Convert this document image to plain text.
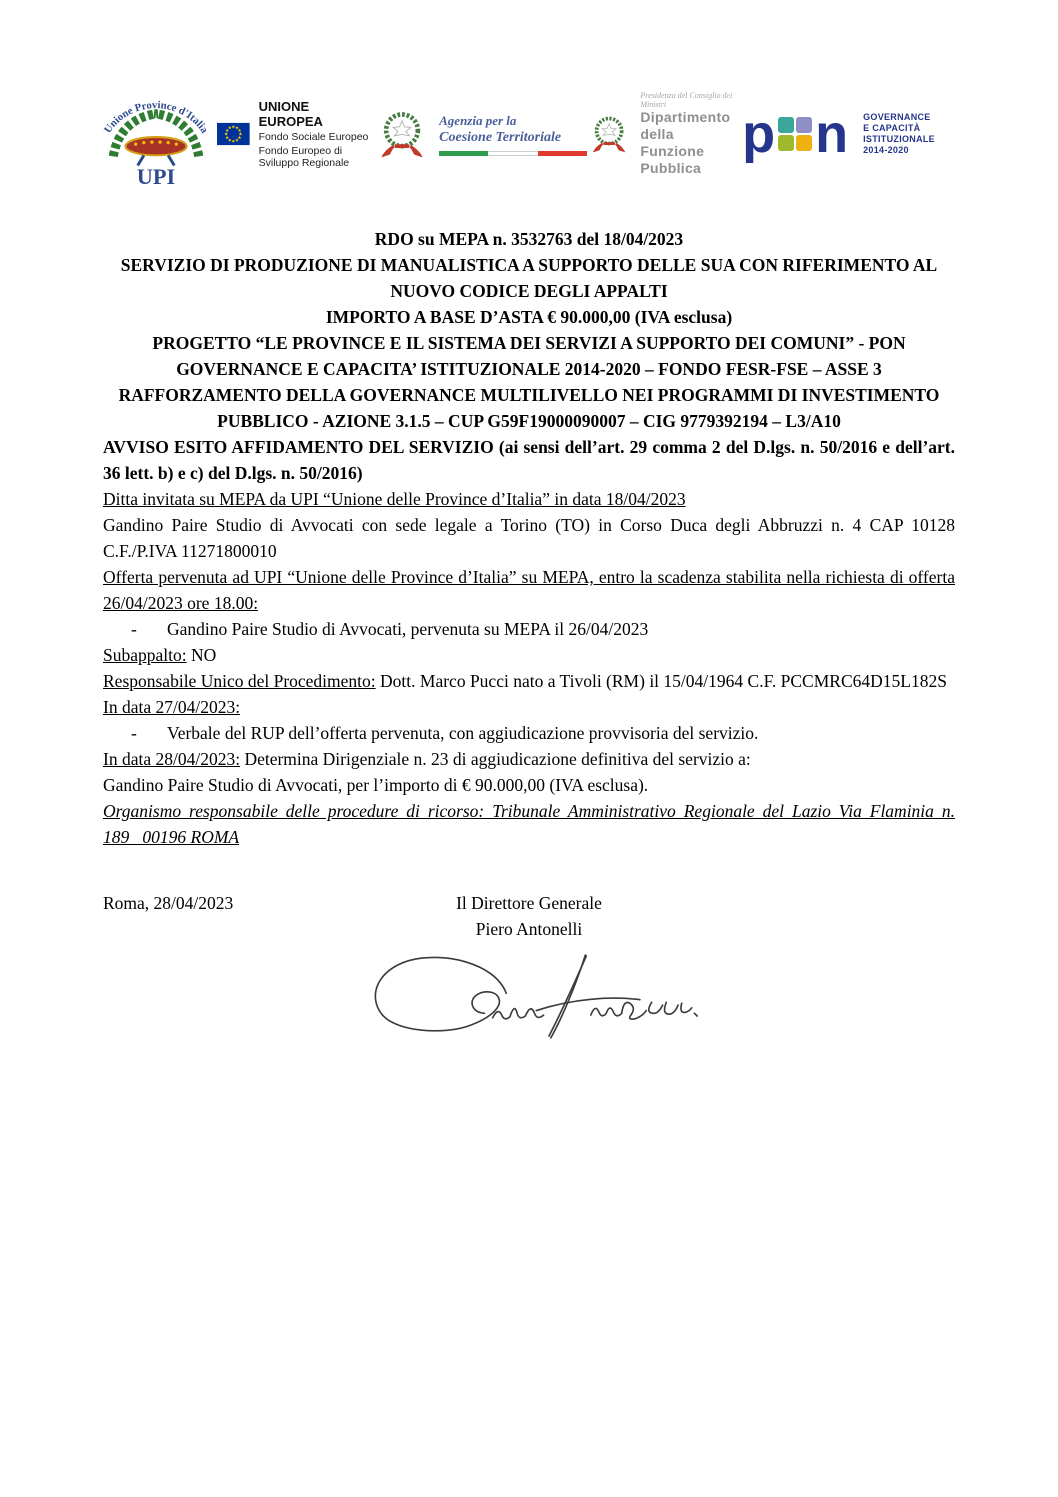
Unione Province d'Italia
UPI
UNIONE EUROPEA
Fondo Sociale Europeo
Fondo Europeo di Sviluppo Regionale
Agenzia per la
Coesione Territoriale
Presidenza del Consiglio dei Ministri
Dipartimento della
Funzione Pubblica
p n GOVERNANCE
E CAPACITÀ
ISTITUZIONALE
2014-2020

RDO su MEPA n. 3532763 del 18/04/2023

SERVIZIO DI PRODUZIONE DI MANUALISTICA A SUPPORTO DELLE SUA CON RIFERIMENTO AL NUOVO CODICE DEGLI APPALTI

IMPORTO A BASE D’ASTA € 90.000,00 (IVA esclusa)

PROGETTO “LE PROVINCE E IL SISTEMA DEI SERVIZI A SUPPORTO DEI COMUNI” - PON GOVERNANCE E CAPACITA’ ISTITUZIONALE 2014-2020 – FONDO FESR-FSE – ASSE 3 RAFFORZAMENTO DELLA GOVERNANCE MULTILIVELLO NEI PROGRAMMI DI INVESTIMENTO PUBBLICO - AZIONE 3.1.5 – CUP G59F19000090007 – CIG 9779392194 – L3/A10

AVVISO ESITO AFFIDAMENTO DEL SERVIZIO (ai sensi dell’art. 29 comma 2 del D.lgs. n. 50/2016 e dell’art. 36 lett. b) e c) del D.lgs. n. 50/2016)

Ditta invitata su MEPA da UPI “Unione delle Province d’Italia” in data 18/04/2023
Gandino Paire Studio di Avvocati con sede legale a Torino (TO) in Corso Duca degli Abbruzzi n. 4 CAP 10128 C.F./P.IVA 11271800010

Offerta pervenuta ad UPI “Unione delle Province d’Italia” su MEPA, entro la scadenza stabilita nella richiesta di offerta 26/04/2023 ore 18.00:

-	Gandino Paire Studio di Avvocati, pervenuta su MEPA il 26/04/2023

Subappalto: NO

Responsabile Unico del Procedimento: Dott. Marco Pucci nato a Tivoli (RM) il 15/04/1964 C.F. PCCMRC64D15L182S

In data 27/04/2023:

-	Verbale del RUP dell’offerta pervenuta, con aggiudicazione provvisoria del servizio.

In data 28/04/2023: Determina Dirigenziale n. 23 di aggiudicazione definitiva del servizio a:
Gandino Paire Studio di Avvocati, per l’importo di € 90.000,00 (IVA esclusa).

Organismo responsabile delle procedure di ricorso: Tribunale Amministrativo Regionale del Lazio Via Flaminia n. 189   00196 ROMA

Roma, 28/04/2023	Il Direttore Generale
Piero Antonelli
